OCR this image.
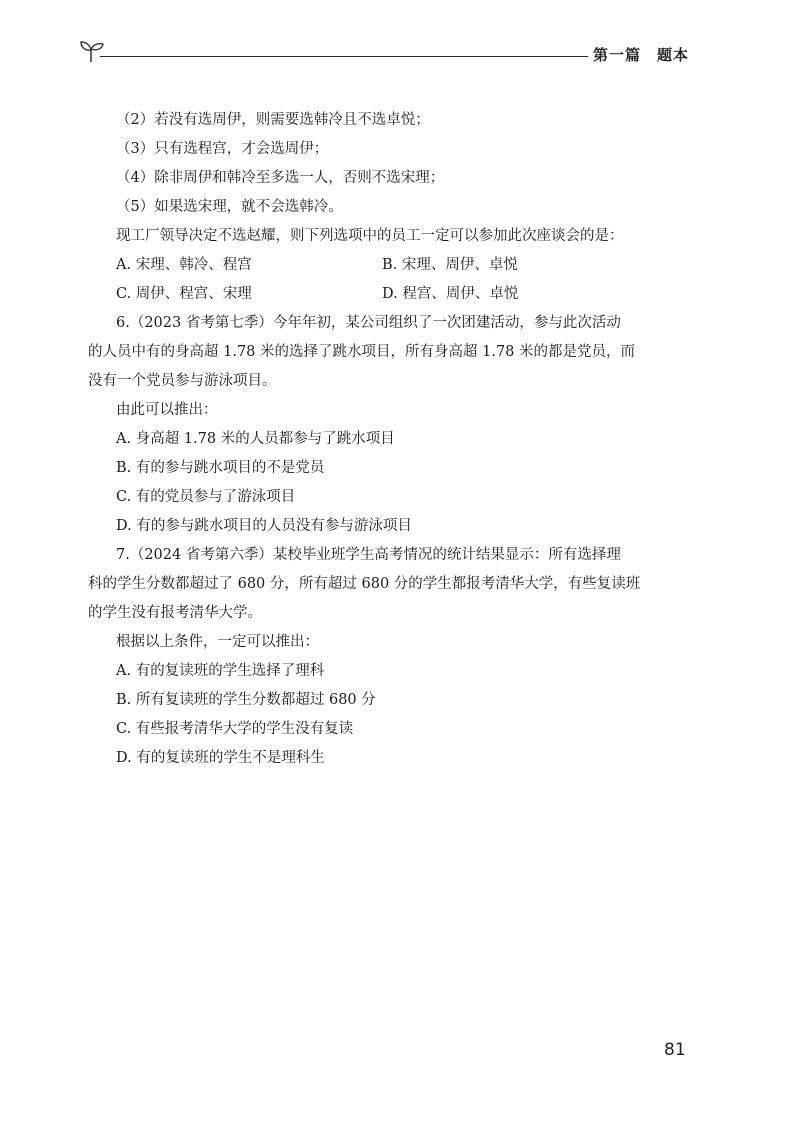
第一篇　题本
（2）若没有选周伊，则需要选韩冷且不选卓悦；
（3）只有选程宫，才会选周伊；
（4）除非周伊和韩冷至多选一人，否则不选宋理；
（5）如果选宋理，就不会选韩冷。
现工厂领导决定不选赵耀，则下列选项中的员工一定可以参加此次座谈会的是：
A. 宋理、韩冷、程宫	B. 宋理、周伊、卓悦
C. 周伊、程宫、宋理	D. 程宫、周伊、卓悦
6.（2023 省考第七季）今年年初，某公司组织了一次团建活动，参与此次活动
的人员中有的身高超 1.78 米的选择了跳水项目，所有身高超 1.78 米的都是党员，而
没有一个党员参与游泳项目。
由此可以推出：
A. 身高超 1.78 米的人员都参与了跳水项目
B. 有的参与跳水项目的不是党员
C. 有的党员参与了游泳项目
D. 有的参与跳水项目的人员没有参与游泳项目
7.（2024 省考第六季）某校毕业班学生高考情况的统计结果显示：所有选择理
科的学生分数都超过了 680 分，所有超过 680 分的学生都报考清华大学，有些复读班
的学生没有报考清华大学。
根据以上条件，一定可以推出：
A. 有的复读班的学生选择了理科
B. 所有复读班的学生分数都超过 680 分
C. 有些报考清华大学的学生没有复读
D. 有的复读班的学生不是理科生
81
